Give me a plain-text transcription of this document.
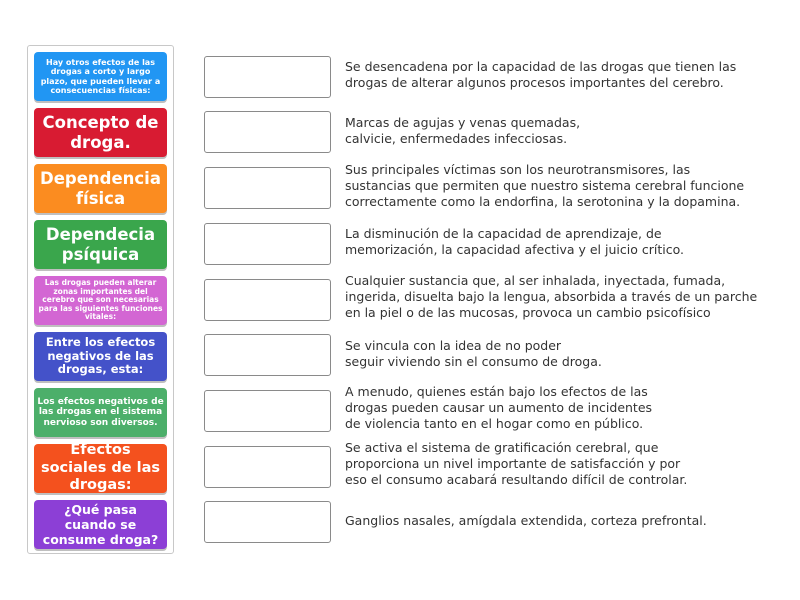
Hay otros efectos de las drogas a corto y largo plazo, que pueden llevar a consecuencias físicas:
Concepto de droga.
Dependencia física
Dependecia psíquica
Las drogas pueden alterar zonas importantes del cerebro que son necesarias para las siguientes funciones vitales:
Entre los efectos negativos de las drogas, esta:
Los efectos negativos de las drogas en el sistema nervioso son diversos.
Efectos sociales de las drogas:
¿Qué pasa cuando se consume droga?
Se desencadena por la capacidad de las drogas que tienen las
drogas de alterar algunos procesos importantes del cerebro.
Marcas de agujas y venas quemadas,
calvicie, enfermedades infecciosas.
Sus principales víctimas son los neurotransmisores, las
sustancias que permiten que nuestro sistema cerebral funcione
correctamente como la endorfina, la serotonina y la dopamina.
La disminución de la capacidad de aprendizaje, de
memorización, la capacidad afectiva y el juicio crítico.
Cualquier sustancia que, al ser inhalada, inyectada, fumada,
ingerida, disuelta bajo la lengua, absorbida a través de un parche
en la piel o de las mucosas, provoca un cambio psicofísico
Se vincula con la idea de no poder
seguir viviendo sin el consumo de droga.
A menudo, quienes están bajo los efectos de las
drogas pueden causar un aumento de incidentes
de violencia tanto en el hogar como en público.
Se activa el sistema de gratificación cerebral, que
proporciona un nivel importante de satisfacción y por
eso el consumo acabará resultando difícil de controlar.
Ganglios nasales, amígdala extendida, corteza prefrontal.
